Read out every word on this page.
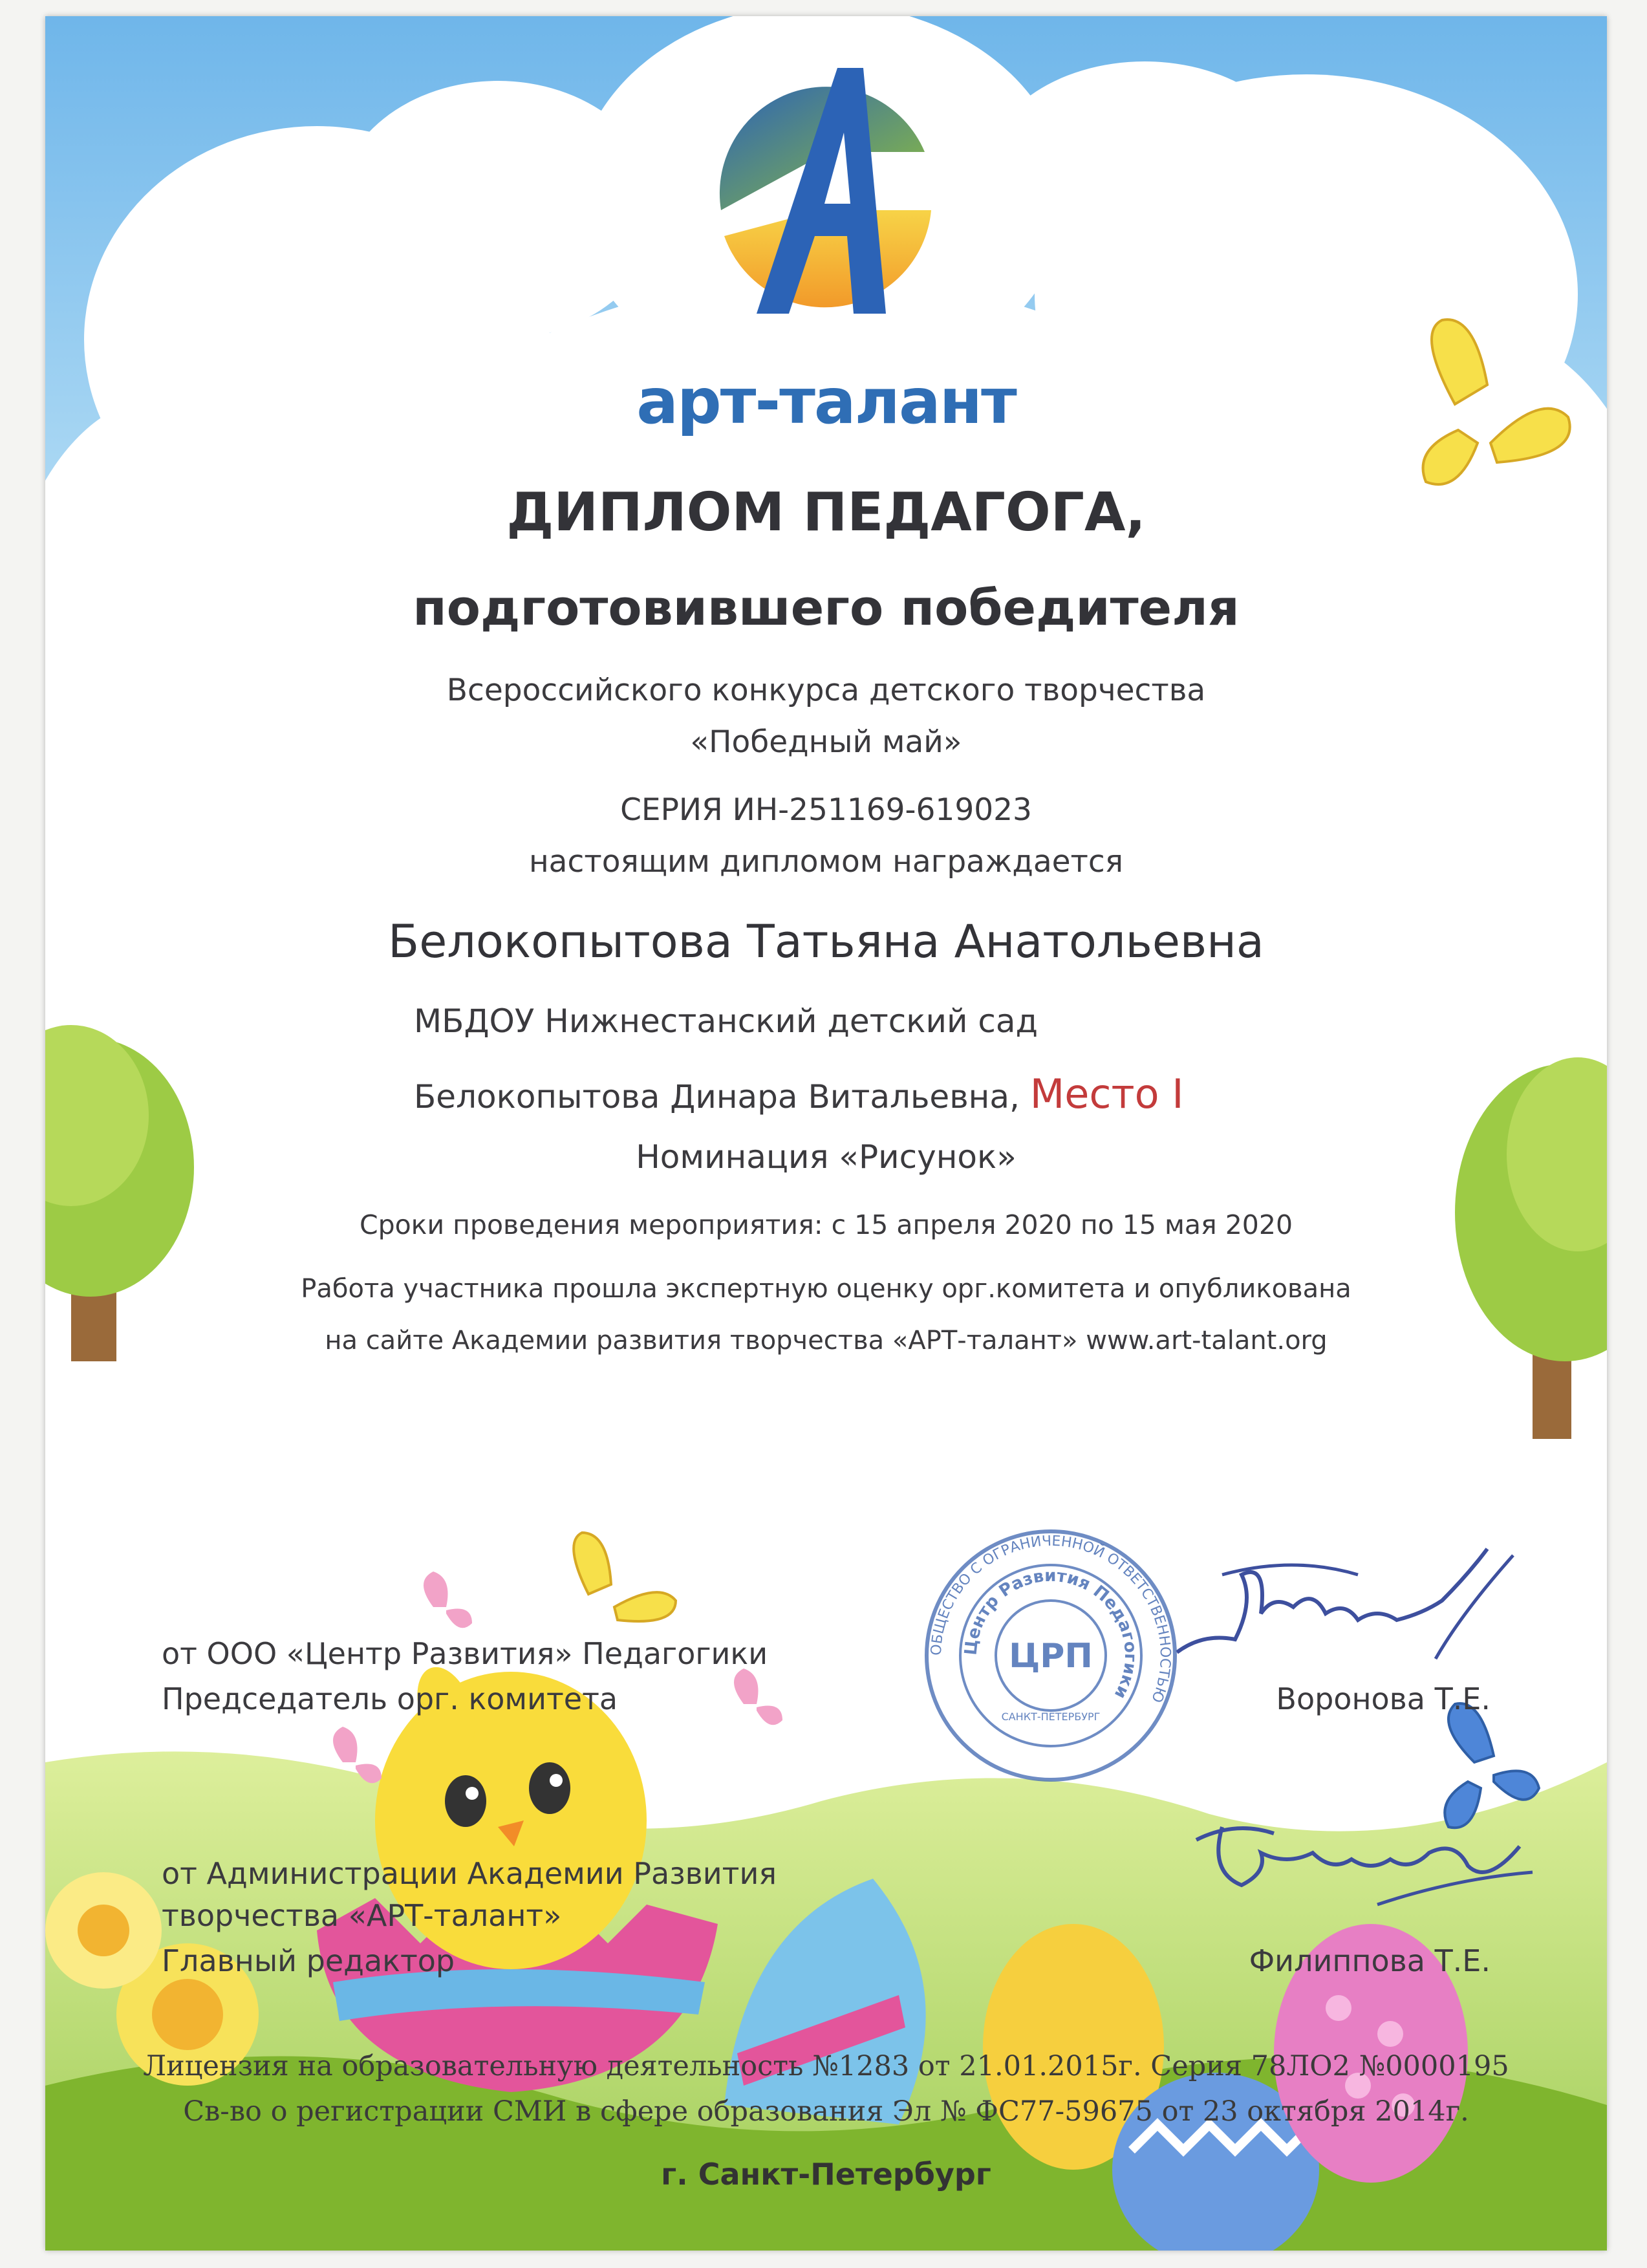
арт-талант
ДИПЛОМ ПЕДАГОГА,
подготовившего победителя
Всероссийского конкурса детского творчества
«Победный май»
СЕРИЯ ИН-251169-619023
настоящим дипломом награждается
Белокопытова Татьяна Анатольевна
МБДОУ Нижнестанский детский сад
Белокопытова Динара Витальевна, Место I
Номинация «Рисунок»
Сроки проведения мероприятия: с 15 апреля 2020 по 15 мая 2020
Работа участника прошла экспертную оценку орг.комитета и опубликована
на сайте Академии развития творчества «АРТ-талант» www.art-talant.org
от ООО «Центр Развития» Педагогики
Председатель орг. комитета	Воронова Т.Е.
от Администрации Академии Развития
творчества «АРТ-талант»
Главный редактор	Филиппова Т.Е.
ОБЩЕСТВО С ОГРАНИЧЕННОЙ ОТВЕТСТВЕННОСТЬЮ
Центр Развития Педагогики
ЦРП
САНКТ-ПЕТЕРБУРГ
Лицензия на образовательную деятельность №1283 от 21.01.2015г. Серия 78ЛО2 №0000195
Св-во о регистрации СМИ в сфере образования Эл № ФС77-59675 от 23 октября 2014г.
г. Санкт-Петербург
